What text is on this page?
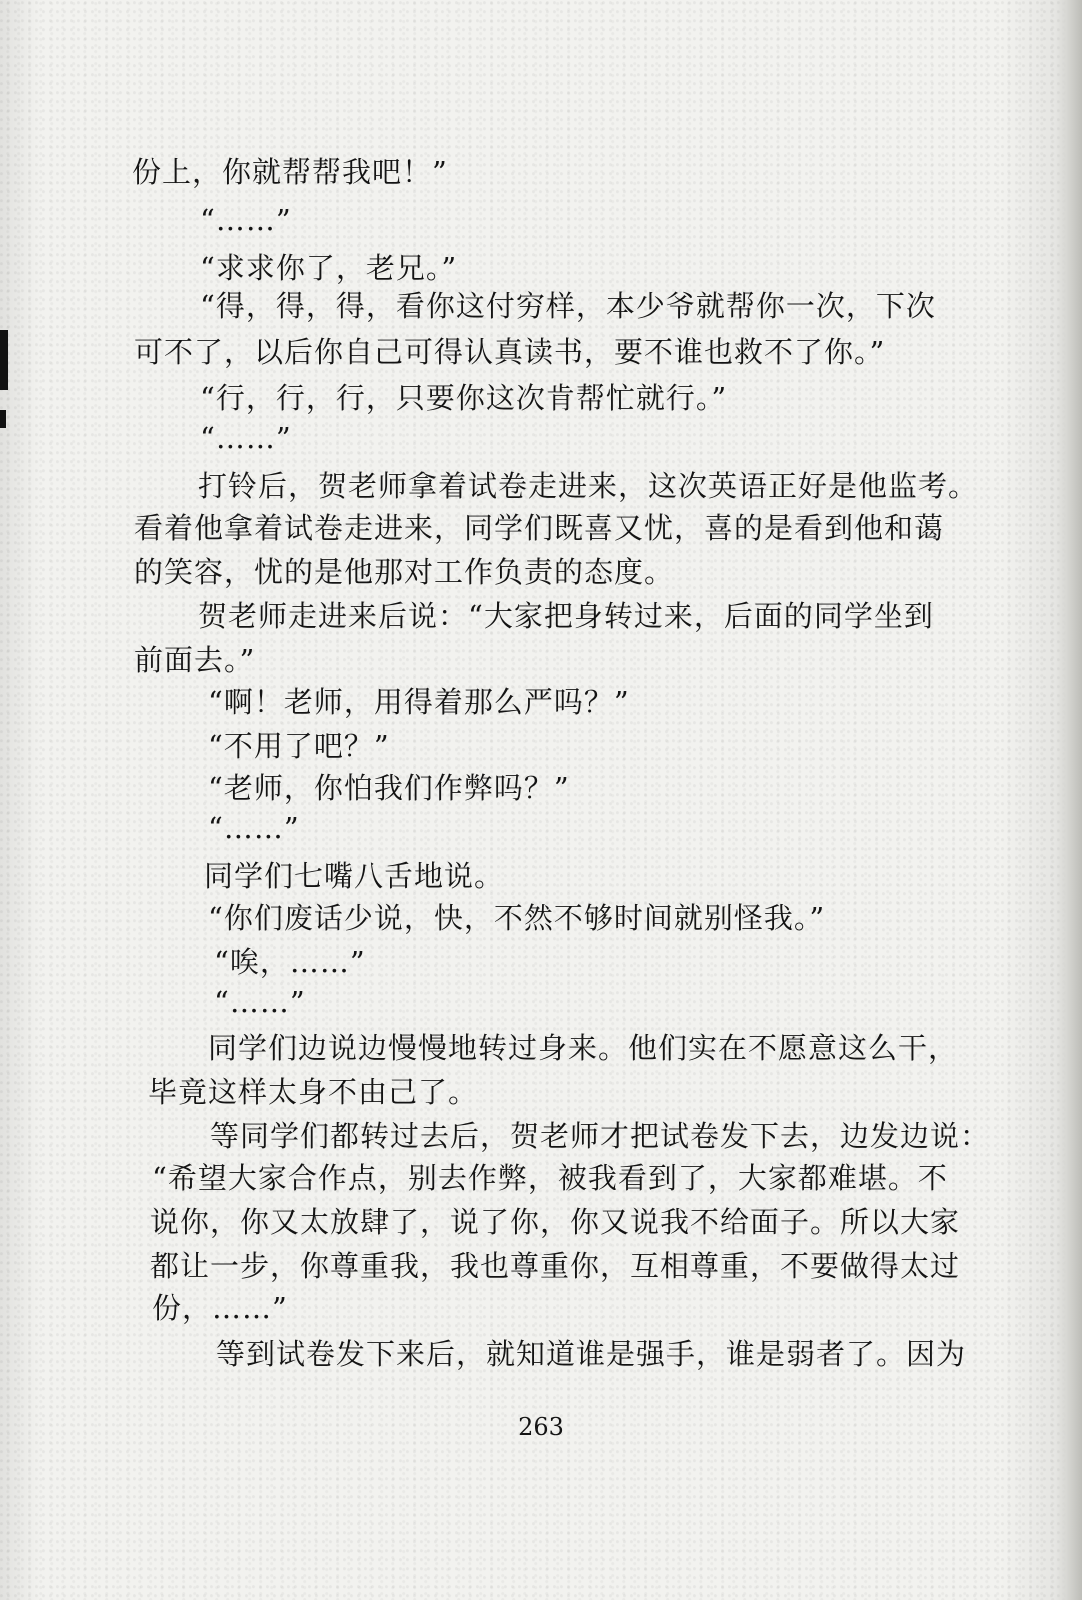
份上，你就帮帮我吧！”
“……”
“求求你了，老兄。”
“得，得，得，看你这付穷样，本少爷就帮你一次，下次
可不了，以后你自己可得认真读书，要不谁也救不了你。”
“行，行，行，只要你这次肯帮忙就行。”
“……”
打铃后，贺老师拿着试卷走进来，这次英语正好是他监考。
看着他拿着试卷走进来，同学们既喜又忧，喜的是看到他和蔼
的笑容，忧的是他那对工作负责的态度。
贺老师走进来后说：“大家把身转过来，后面的同学坐到
前面去。”
“啊！老师，用得着那么严吗？”
“不用了吧？”
“老师，你怕我们作弊吗？”
“……”
同学们七嘴八舌地说。
“你们废话少说，快，不然不够时间就别怪我。”
“唉，……”
“……”
同学们边说边慢慢地转过身来。他们实在不愿意这么干，
毕竟这样太身不由己了。
等同学们都转过去后，贺老师才把试卷发下去，边发边说：
“希望大家合作点，别去作弊，被我看到了，大家都难堪。不
说你，你又太放肆了，说了你，你又说我不给面子。所以大家
都让一步，你尊重我，我也尊重你，互相尊重，不要做得太过
份，……”
等到试卷发下来后，就知道谁是强手，谁是弱者了。因为
263
